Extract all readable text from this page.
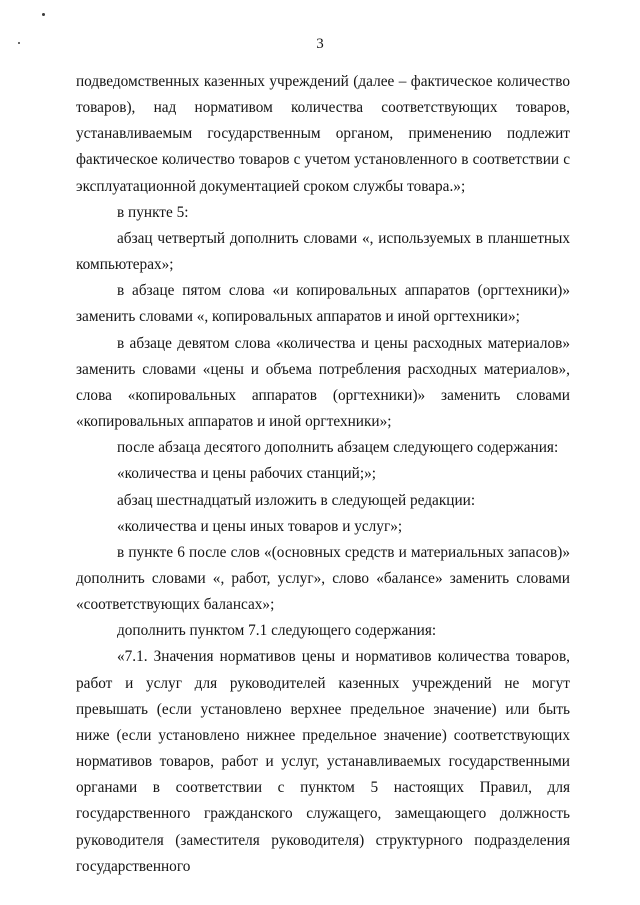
3

подведомственных казенных учреждений (далее – фактическое количество товаров), над нормативом количества соответствующих товаров, устанавливаемым государственным органом, применению подлежит фактическое количество товаров с учетом установленного в соответствии с эксплуатационной документацией сроком службы товара.»;

в пункте 5:

абзац четвертый дополнить словами «, используемых в планшетных компьютерах»;

в абзаце пятом слова «и копировальных аппаратов (оргтехники)» заменить словами «, копировальных аппаратов и иной оргтехники»;

в абзаце девятом слова «количества и цены расходных материалов» заменить словами «цены и объема потребления расходных материалов», слова «копировальных аппаратов (оргтехники)» заменить словами «копировальных аппаратов и иной оргтехники»;

после абзаца десятого дополнить абзацем следующего содержания:

«количества и цены рабочих станций;»;

абзац шестнадцатый изложить в следующей редакции:

«количества и цены иных товаров и услуг»;

в пункте 6 после слов «(основных средств и материальных запасов)» дополнить словами «, работ, услуг», слово «балансе» заменить словами «соответствующих балансах»;

дополнить пунктом 7.1 следующего содержания:

«7.1. Значения нормативов цены и нормативов количества товаров, работ и услуг для руководителей казенных учреждений не могут превышать (если установлено верхнее предельное значение) или быть ниже (если установлено нижнее предельное значение) соответствующих нормативов товаров, работ и услуг, устанавливаемых государственными органами в соответствии с пунктом 5 настоящих Правил, для государственного гражданского служащего, замещающего должность руководителя (заместителя руководителя) структурного подразделения государственного
